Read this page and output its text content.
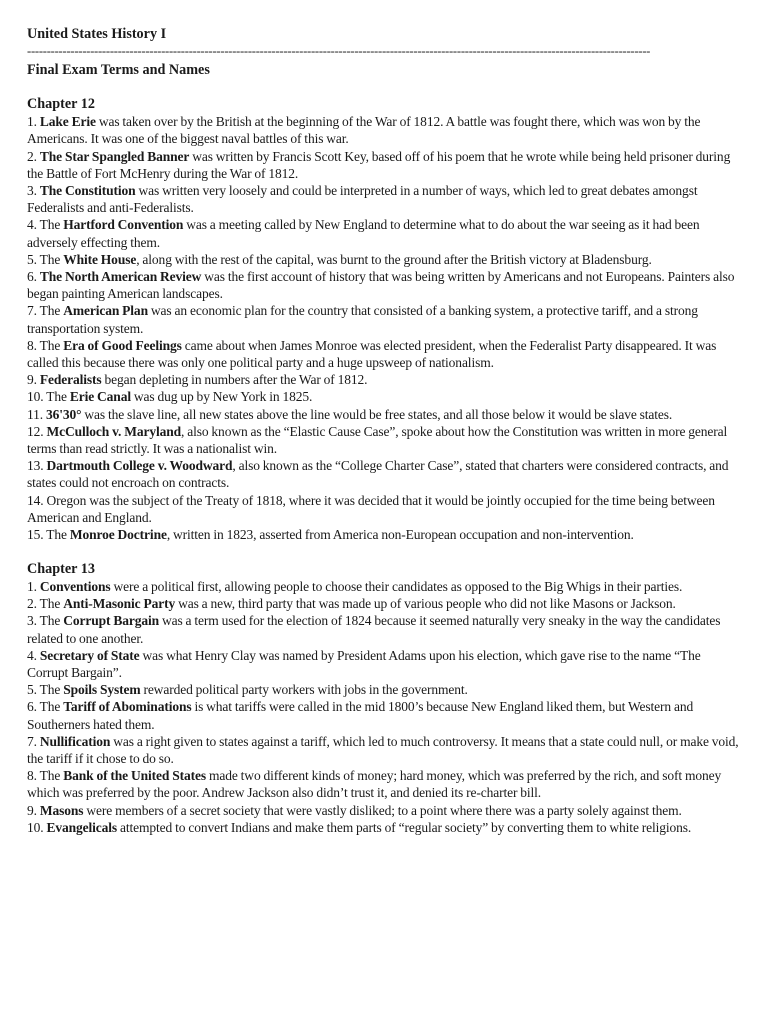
United States History I
--------------------------------------------------------------------------------------------------------------------------------------------------------------
Final Exam Terms and Names
Chapter 12
1. Lake Erie was taken over by the British at the beginning of the War of 1812. A battle was fought there, which was won by the Americans. It was one of the biggest naval battles of this war.
2. The Star Spangled Banner was written by Francis Scott Key, based off of his poem that he wrote while being held prisoner during the Battle of Fort McHenry during the War of 1812.
3. The Constitution was written very loosely and could be interpreted in a number of ways, which led to great debates amongst Federalists and anti-Federalists.
4. The Hartford Convention was a meeting called by New England to determine what to do about the war seeing as it had been adversely effecting them.
5. The White House, along with the rest of the capital, was burnt to the ground after the British victory at Bladensburg.
6. The North American Review was the first account of history that was being written by Americans and not Europeans. Painters also began painting American landscapes.
7. The American Plan was an economic plan for the country that consisted of a banking system, a protective tariff, and a strong transportation system.
8. The Era of Good Feelings came about when James Monroe was elected president, when the Federalist Party disappeared. It was called this because there was only one political party and a huge upsweep of nationalism.
9. Federalists began depleting in numbers after the War of 1812.
10. The Erie Canal was dug up by New York in 1825.
11. 36'30° was the slave line, all new states above the line would be free states, and all those below it would be slave states.
12. McCulloch v. Maryland, also known as the “Elastic Cause Case”, spoke about how the Constitution was written in more general terms than read strictly. It was a nationalist win.
13. Dartmouth College v. Woodward, also known as the “College Charter Case”, stated that charters were considered contracts, and states could not encroach on contracts.
14. Oregon was the subject of the Treaty of 1818, where it was decided that it would be jointly occupied for the time being between American and England.
15. The Monroe Doctrine, written in 1823, asserted from America non-European occupation and non-intervention.
Chapter 13
1. Conventions were a political first, allowing people to choose their candidates as opposed to the Big Whigs in their parties.
2. The Anti-Masonic Party was a new, third party that was made up of various people who did not like Masons or Jackson.
3. The Corrupt Bargain was a term used for the election of 1824 because it seemed naturally very sneaky in the way the candidates related to one another.
4. Secretary of State was what Henry Clay was named by President Adams upon his election, which gave rise to the name “The Corrupt Bargain”.
5. The Spoils System rewarded political party workers with jobs in the government.
6. The Tariff of Abominations is what tariffs were called in the mid 1800’s because New England liked them, but Western and Southerners hated them.
7. Nullification was a right given to states against a tariff, which led to much controversy. It means that a state could null, or make void, the tariff if it chose to do so.
8. The Bank of the United States made two different kinds of money; hard money, which was preferred by the rich, and soft money which was preferred by the poor. Andrew Jackson also didn’t trust it, and denied its re-charter bill.
9. Masons were members of a secret society that were vastly disliked; to a point where there was a party solely against them.
10. Evangelicals attempted to convert Indians and make them parts of “regular society” by converting them to white religions.
